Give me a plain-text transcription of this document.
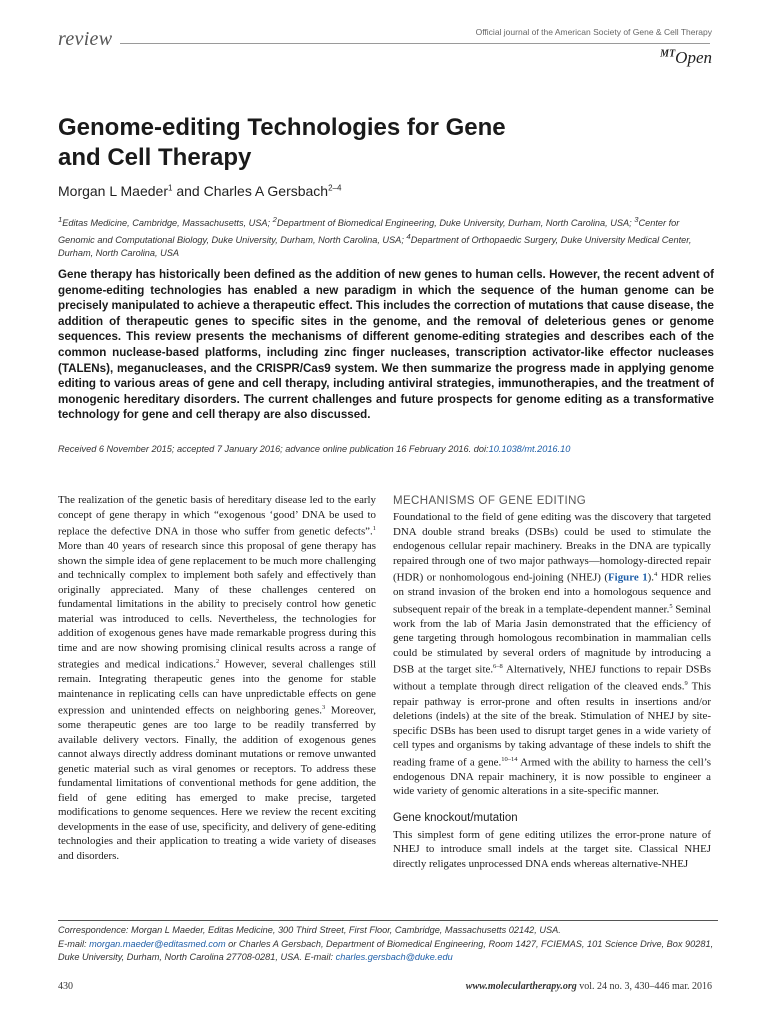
review	Official journal of the American Society of Gene & Cell Therapy
$^{MT}$Open
Genome-editing Technologies for Gene
and Cell Therapy
Morgan L Maeder$^1$ and Charles A Gersbach$^{2-4}$
$^1$Editas Medicine, Cambridge, Massachusetts, USA; $^2$Department of Biomedical Engineering, Duke University, Durham, North Carolina, USA; $^3$Center for Genomic and Computational Biology, Duke University, Durham, North Carolina, USA; $^4$Department of Orthopaedic Surgery, Duke University Medical Center, Durham, North Carolina, USA
Gene therapy has historically been defined as the addition of new genes to human cells. However, the recent advent of genome-editing technologies has enabled a new paradigm in which the sequence of the human genome can be precisely manipulated to achieve a therapeutic effect. This includes the correction of mutations that cause disease, the addition of therapeutic genes to specific sites in the genome, and the removal of deleterious genes or genome sequences. This review presents the mechanisms of different genome-editing strategies and describes each of the common nuclease-based platforms, including zinc finger nucleases, transcription activator-like effector nucleases (TALENs), meganucleases, and the CRISPR/Cas9 system. We then summarize the progress made in applying genome editing to various areas of gene and cell therapy, including antiviral strategies, immunotherapies, and the treatment of monogenic hereditary disorders. The current challenges and future prospects for genome editing as a transformative technology for gene and cell therapy are also discussed.
Received 6 November 2015; accepted 7 January 2016; advance online publication 16 February 2016. doi:10.1038/mt.2016.10

The realization of the genetic basis of hereditary disease led to the early concept of gene therapy in which “exogenous ‘good’ DNA be used to replace the defective DNA in those who suffer from genetic defects”.$^1$ More than 40 years of research since this proposal of gene therapy has shown the simple idea of gene replacement to be much more challenging and technically complex to implement both safely and effectively than originally appreciated. Many of these challenges centered on fundamental limitations in the ability to precisely control how genetic material was introduced to cells. Nevertheless, the technologies for addition of exogenous genes have made remarkable progress during this time and are now showing promising clinical results across a range of strategies and medical indications.$^2$ However, several challenges still remain. Integrating therapeutic genes into the genome for stable maintenance in replicating cells can have unpredictable effects on gene expression and unintended effects on neighboring genes.$^3$ Moreover, some therapeutic genes are too large to be readily transferred by available delivery vectors. Finally, the addition of exogenous genes cannot always directly address dominant mutations or remove unwanted genetic material such as viral genomes or receptors. To address these fundamental limitations of conventional methods for gene addition, the field of gene editing has emerged to make precise, targeted modifications to genome sequences. Here we review the recent exciting developments in the ease of use, specificity, and delivery of gene-editing technologies and their application to treating a wide variety of diseases and disorders.

MECHANISMS OF GENE EDITING

Foundational to the field of gene editing was the discovery that targeted DNA double strand breaks (DSBs) could be used to stimulate the endogenous cellular repair machinery. Breaks in the DNA are typically repaired through one of two major pathways—homology-directed repair (HDR) or nonhomologous end-joining (NHEJ) (Figure 1).$^4$ HDR relies on strand invasion of the broken end into a homologous sequence and subsequent repair of the break in a template-dependent manner.$^5$ Seminal work from the lab of Maria Jasin demonstrated that the efficiency of gene targeting through homologous recombination in mammalian cells could be stimulated by several orders of magnitude by introducing a DSB at the target site.$^{6-8}$ Alternatively, NHEJ functions to repair DSBs without a template through direct religation of the cleaved ends.$^9$ This repair pathway is error-prone and often results in insertions and/or deletions (indels) at the site of the break. Stimulation of NHEJ by site-specific DSBs has been used to disrupt target genes in a wide variety of cell types and organisms by taking advantage of these indels to shift the reading frame of a gene.$^{10-14}$ Armed with the ability to harness the cell’s endogenous DNA repair machinery, it is now possible to engineer a wide variety of genomic alterations in a site-specific manner.

Gene knockout/mutation

This simplest form of gene editing utilizes the error-prone nature of NHEJ to introduce small indels at the target site. Classical NHEJ directly religates unprocessed DNA ends whereas alternative-NHEJ

Correspondence: Morgan L Maeder, Editas Medicine, 300 Third Street, First Floor, Cambridge, Massachusetts 02142, USA.
E-mail: morgan.maeder@editasmed.com or Charles A Gersbach, Department of Biomedical Engineering, Room 1427, FCIEMAS, 101 Science Drive, Box 90281, Duke University, Durham, North Carolina 27708-0281, USA. E-mail: charles.gersbach@duke.edu
430	www.moleculartherapy.org vol. 24 no. 3, 430–446 mar. 2016
